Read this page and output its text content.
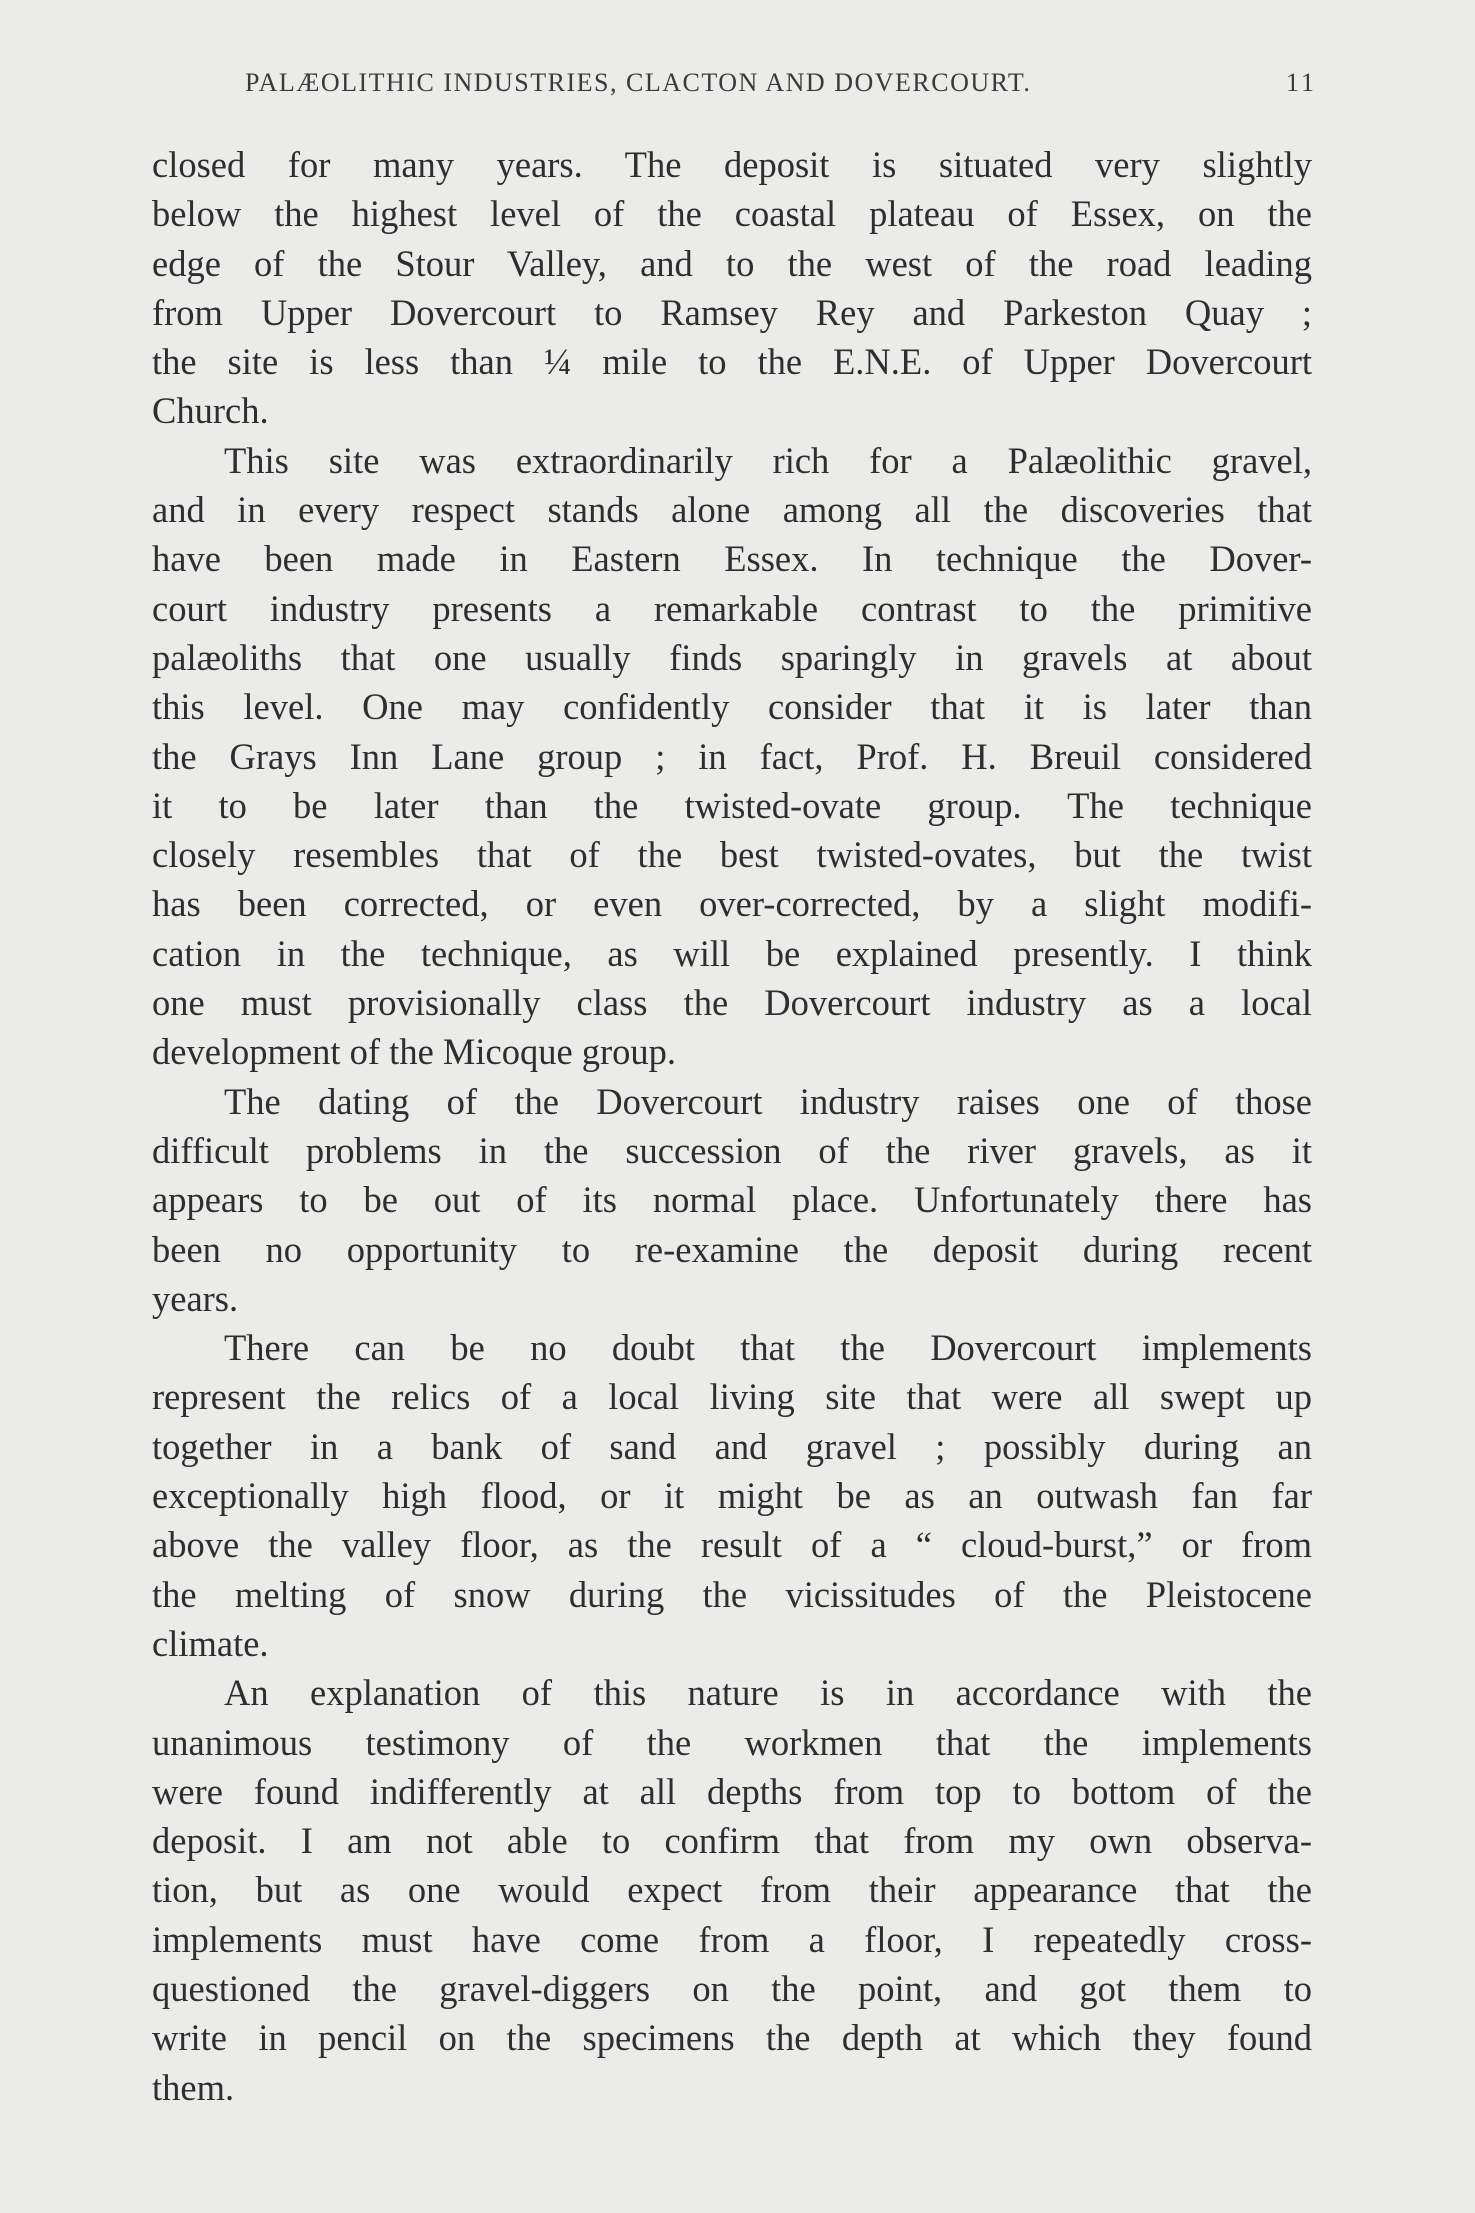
PALÆOLITHIC INDUSTRIES, CLACTON AND DOVERCOURT.	11
closed for many years. The deposit is situated very slightly
below the highest level of the coastal plateau of Essex, on the
edge of the Stour Valley, and to the west of the road leading
from Upper Dovercourt to Ramsey Rey and Parkeston Quay ;
the site is less than ¼ mile to the E.N.E. of Upper Dovercourt
Church.
This site was extraordinarily rich for a Palæolithic gravel,
and in every respect stands alone among all the discoveries that
have been made in Eastern Essex. In technique the Dover-
court industry presents a remarkable contrast to the primitive
palæoliths that one usually finds sparingly in gravels at about
this level. One may confidently consider that it is later than
the Grays Inn Lane group ; in fact, Prof. H. Breuil considered
it to be later than the twisted-ovate group. The technique
closely resembles that of the best twisted-ovates, but the twist
has been corrected, or even over-corrected, by a slight modifi-
cation in the technique, as will be explained presently. I think
one must provisionally class the Dovercourt industry as a local
development of the Micoque group.
The dating of the Dovercourt industry raises one of those
difficult problems in the succession of the river gravels, as it
appears to be out of its normal place. Unfortunately there has
been no opportunity to re-examine the deposit during recent
years.
There can be no doubt that the Dovercourt implements
represent the relics of a local living site that were all swept up
together in a bank of sand and gravel ; possibly during an
exceptionally high flood, or it might be as an outwash fan far
above the valley floor, as the result of a “ cloud-burst,” or from
the melting of snow during the vicissitudes of the Pleistocene
climate.
An explanation of this nature is in accordance with the
unanimous testimony of the workmen that the implements
were found indifferently at all depths from top to bottom of the
deposit. I am not able to confirm that from my own observa-
tion, but as one would expect from their appearance that the
implements must have come from a floor, I repeatedly cross-
questioned the gravel-diggers on the point, and got them to
write in pencil on the specimens the depth at which they found
them.
